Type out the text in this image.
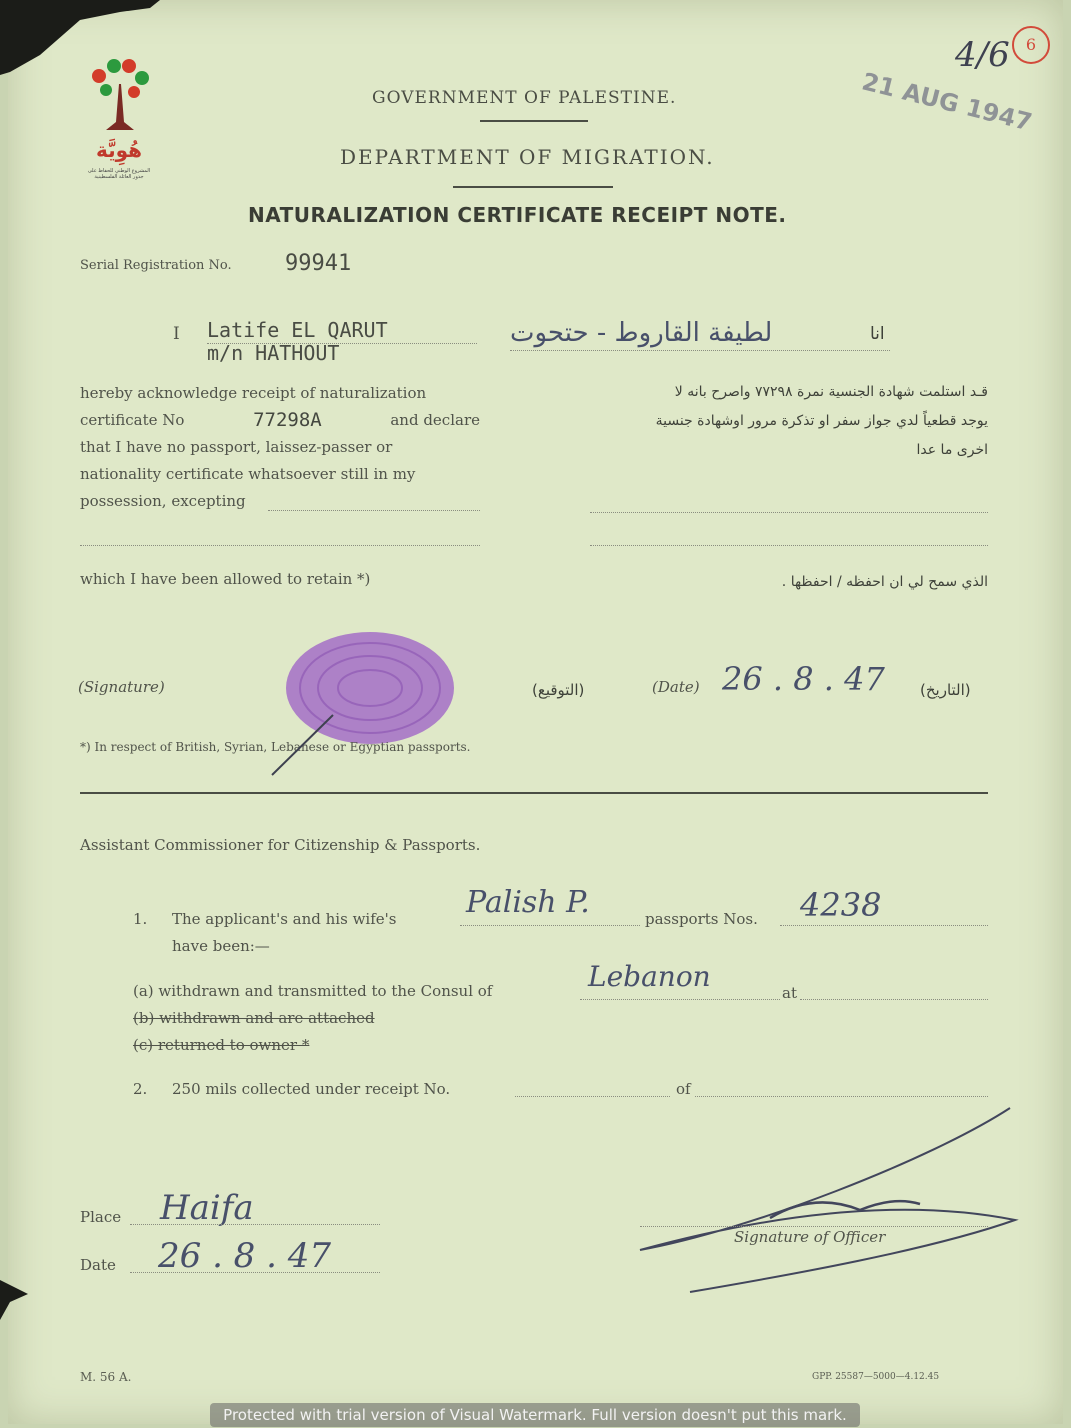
هُوِيَّة
المشروع الوطني للحفاظ على جذور العائلة الفلسطينية
4/6	6
21 AUG 1947
GOVERNMENT OF PALESTINE.
DEPARTMENT OF MIGRATION.
NATURALIZATION CERTIFICATE RECEIPT NOTE.
Serial Registration No. 99941
I Latife EL QARUT
m/n HATHOUT
لطيفة القاروط - حتحوت	انا
hereby acknowledge receipt of naturalization
certificate No	77298A	and declare
that I have no passport, laissez-passer or
nationality certificate whatsoever still in my
possession, excepting
قـد استلمت شهادة الجنسية نمرة ٧٧٢٩٨ واصرح بانه لا
يوجد قطعياً لدي جواز سفر او تذكرة مرور اوشهادة جنسية
اخرى ما عدا
which I have been allowed to retain *)	الذي سمح لي ان احفظه / احفظها .
(Signature)	(التوقيع)	(Date) 26 . 8 . 47 (التاريخ)
*) In respect of British, Syrian, Lebanese or Egyptian passports.
Assistant Commissioner for Citizenship & Passports.
1. The applicant's and his wife's Palish P.	passports Nos. 4238
have been:—
(a) withdrawn and transmitted to the Consul of	Lebanon	at
(b) withdrawn and are attached
(c) returned to owner *
2. 250 mils collected under receipt No.	of
Place Haifa
Date 26 . 8 . 47	Signature of Officer
M. 56 A.	GPP. 25587—5000—4.12.45
Protected with trial version of Visual Watermark. Full version doesn't put this mark.
